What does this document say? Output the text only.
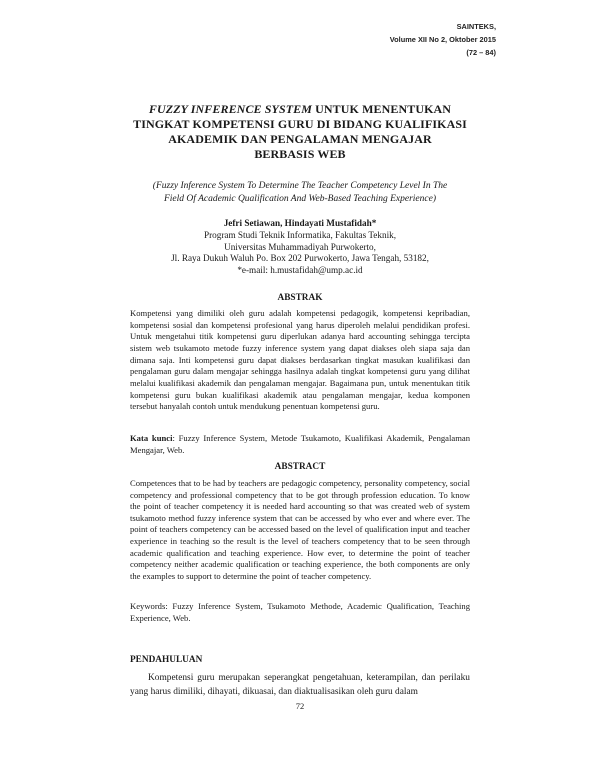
SAINTEKS,
Volume XII No 2, Oktober 2015
(72 – 84)
FUZZY INFERENCE SYSTEM UNTUK MENENTUKAN
TINGKAT KOMPETENSI GURU DI BIDANG KUALIFIKASI
AKADEMIK DAN PENGALAMAN MENGAJAR
BERBASIS WEB
(Fuzzy Inference System To Determine The Teacher Competency Level In The
Field Of Academic Qualification And Web-Based Teaching Experience)
Jefri Setiawan, Hindayati Mustafidah*
Program Studi Teknik Informatika, Fakultas Teknik,
Universitas Muhammadiyah Purwokerto,
Jl. Raya Dukuh Waluh Po. Box 202 Purwokerto, Jawa Tengah, 53182,
*e-mail: h.mustafidah@ump.ac.id
ABSTRAK
Kompetensi yang dimiliki oleh guru adalah kompetensi pedagogik, kompetensi kepribadian, kompetensi sosial dan kompetensi profesional yang harus diperoleh melalui pendidikan profesi. Untuk mengetahui titik kompetensi guru diperlukan adanya hard accounting sehingga tercipta sistem web tsukamoto metode fuzzy inference system yang dapat diakses oleh siapa saja dan dimana saja. Inti kompetensi guru dapat diakses berdasarkan tingkat masukan kualifikasi dan pengalaman guru dalam mengajar sehingga hasilnya adalah tingkat kompetensi guru yang dilihat melalui kualifikasi akademik dan pengalaman mengajar. Bagaimana pun, untuk menentukan titik kompetensi guru bukan kualifikasi akademik atau pengalaman mengajar, kedua komponen tersebut hanyalah contoh untuk mendukung penentuan kompetensi guru.
Kata kunci: Fuzzy Inference System, Metode Tsukamoto, Kualifikasi Akademik, Pengalaman Mengajar, Web.
ABSTRACT
Competences that to be had by teachers are pedagogic competency, personality competency, social competency and professional competency that to be got through profession education. To know the point of teacher competency it is needed hard accounting so that was created web of system tsukamoto method fuzzy inference system that can be accessed by who ever and where ever. The point of teachers competency can be accessed based on the level of qualification input and teacher experience in teaching so the result is the level of teachers competency that to be seen through academic qualification and teaching experience. How ever, to determine the point of teacher competency neither academic qualification or teaching experience, the both components are only the examples to support to determine the point of teacher competency.
Keywords: Fuzzy Inference System, Tsukamoto Methode, Academic Qualification, Teaching Experience, Web.
PENDAHULUAN
Kompetensi guru merupakan seperangkat pengetahuan, keterampilan, dan perilaku yang harus dimiliki, dihayati, dikuasai, dan diaktualisasikan oleh guru dalam
72
